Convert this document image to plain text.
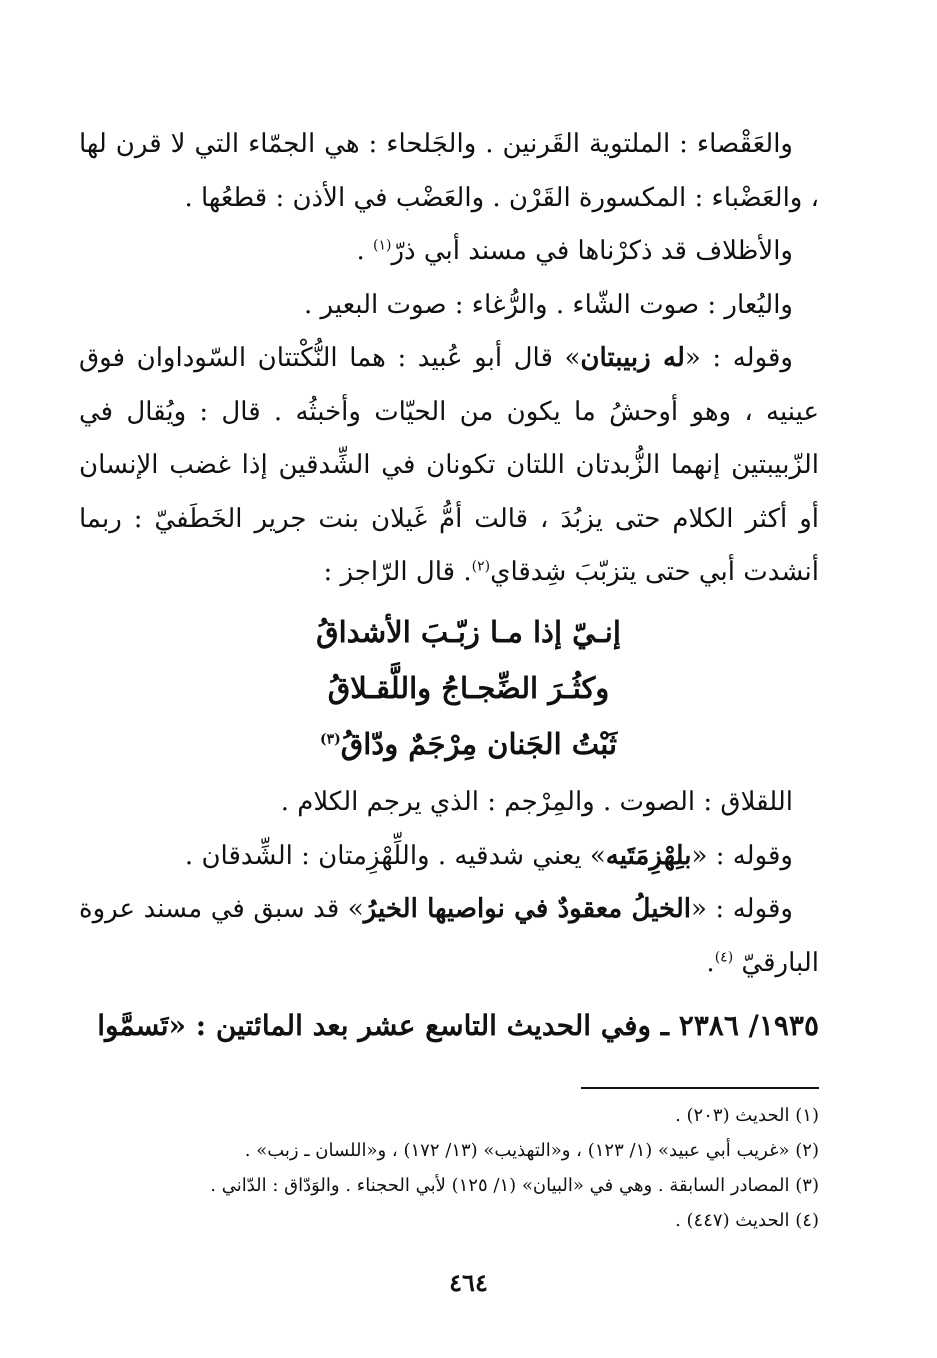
والعَقْصاء : الملتوية القَرنين . والجَلحاء : هي الجمّاء التي لا قرن لها ، والعَضْباء : المكسورة القَرْن . والعَضْب في الأذن : قطعُها .

والأظلاف قد ذكرْناها في مسند أبي ذرّ$^{(١)}$ .

واليُعار : صوت الشّاء . والرُّغاء : صوت البعير .

وقوله : «له زبيبتان» قال أبو عُبيد : هما النُّكْتتان السّوداوان فوق عينيه ، وهو أوحشُ ما يكون من الحيّات وأخبثُه . قال : ويُقال في الزّبيبتين إنهما الزُّبدتان اللتان تكونان في الشِّدقين إذا غضب الإنسان أو أكثر الكلام حتى يزبُدَ ، قالت أمُّ غَيلان بنت جرير الخَطَفيّ : ربما أنشدت أبي حتى يتزبّبَ شِدقاي$^{(٢)}$. قال الرّاجز :

إنـيّ إذا مـا زبّـبَ الأشداقُ

وكثُـرَ الضِّجـاجُ واللَّقـلاقُ

ثَبْتُ الجَنان مِرْجَمٌ ودّاقُ$^{(٣)}$

اللقلاق : الصوت . والمِرْجم : الذي يرجم الكلام .

وقوله : «بلِهْزِمَتَيه» يعني شدقيه . واللِّهْزِمتان : الشِّدقان .

وقوله : «الخيلُ معقودٌ في نواصيها الخيرُ» قد سبق في مسند عروة البارقيّ $^{(٤)}$.

١٩٣٥/ ٢٣٨٦ ـ وفي الحديث التاسع عشر بعد المائتين : «تَسمَّوا

(١) الحديث (٢٠٣) .
(٢) «غريب أبي عبيد» (١/ ١٢٣) ، و«التهذيب» (١٣/ ١٧٢) ، و«اللسان ـ زبب» .
(٣) المصادر السابقة . وهي في «البيان» (١/ ١٢٥) لأبي الحجناء . والوَدّاق : الدّاني .
(٤) الحديث (٤٤٧) .
٤٦٤
